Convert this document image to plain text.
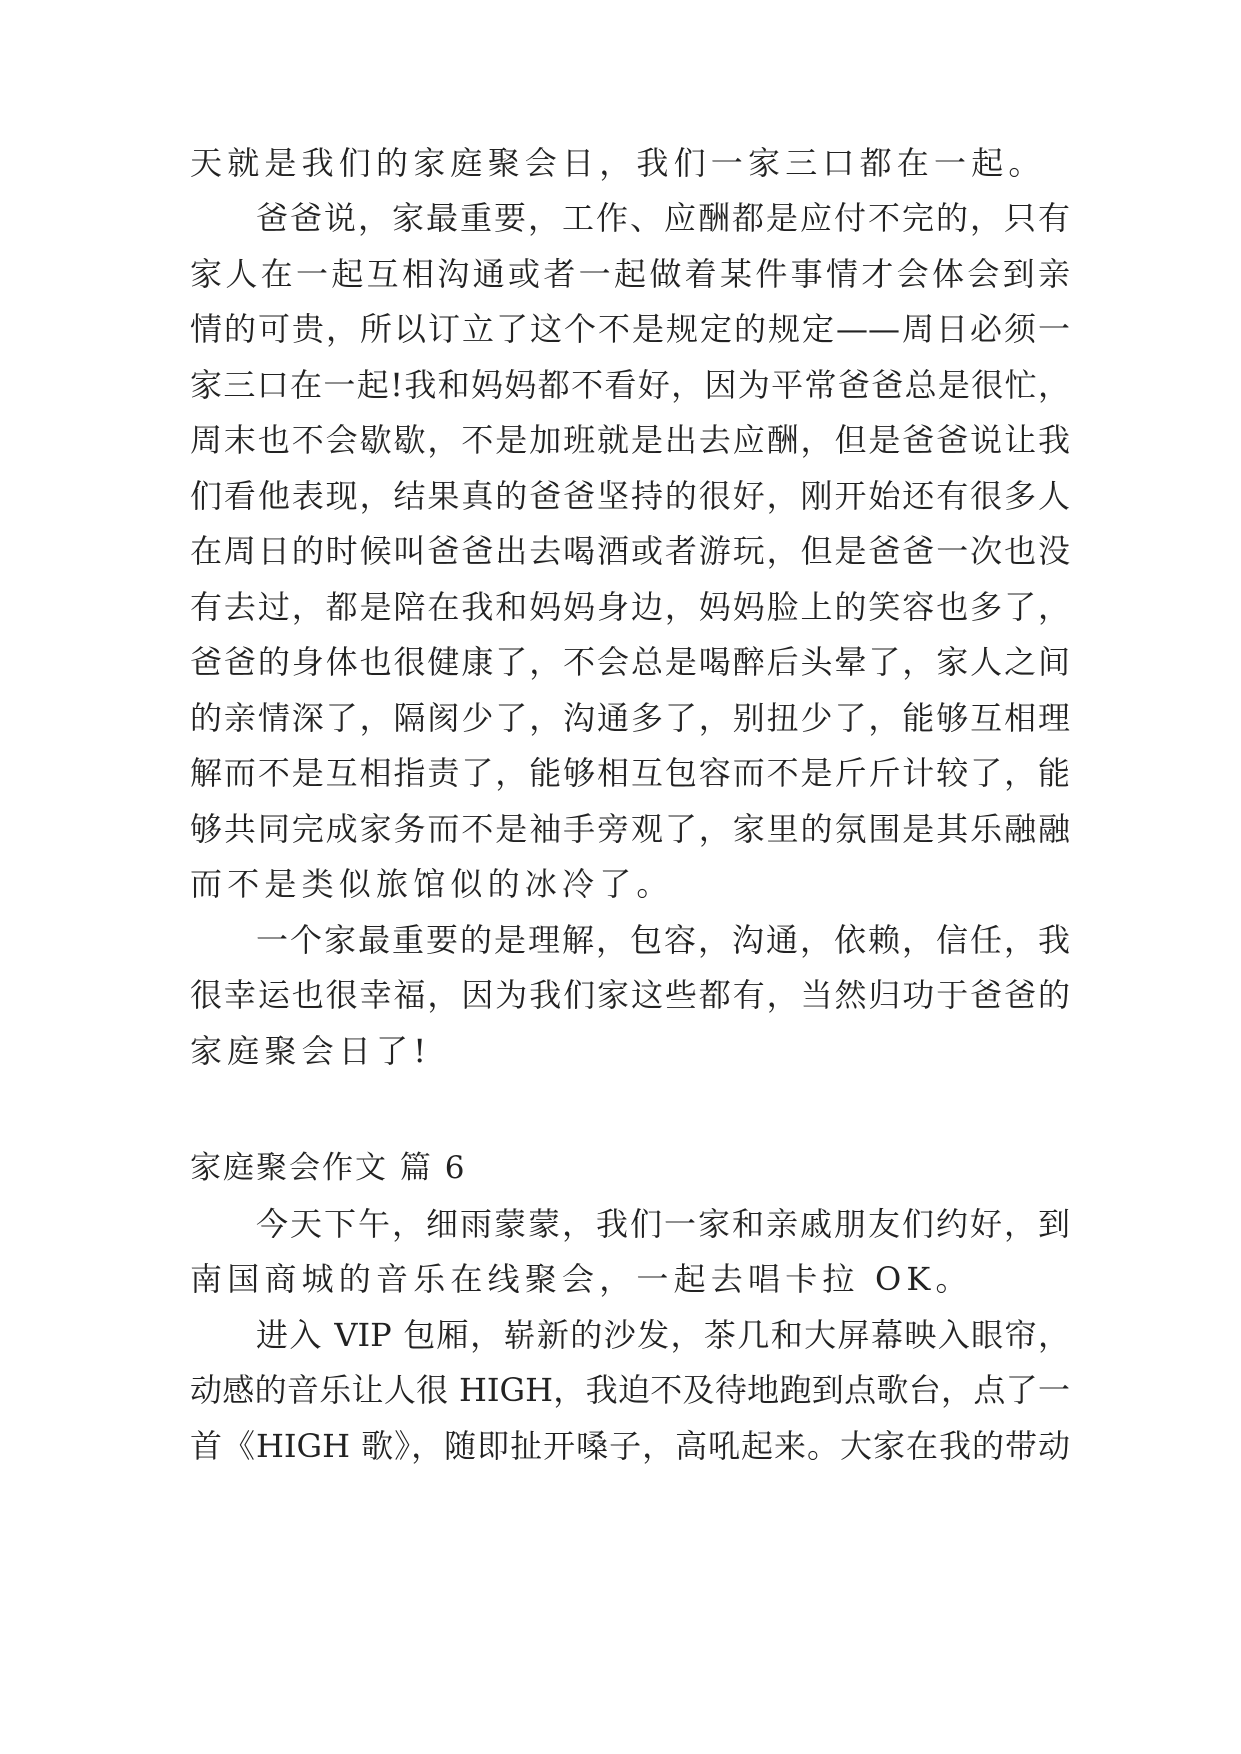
天就是我们的家庭聚会日，我们一家三口都在一起。
爸爸说，家最重要，工作、应酬都是应付不完的，只有
家人在一起互相沟通或者一起做着某件事情才会体会到亲
情的可贵，所以订立了这个不是规定的规定——周日必须一
家三口在一起!我和妈妈都不看好，因为平常爸爸总是很忙，
周末也不会歇歇，不是加班就是出去应酬，但是爸爸说让我
们看他表现，结果真的爸爸坚持的很好，刚开始还有很多人
在周日的时候叫爸爸出去喝酒或者游玩，但是爸爸一次也没
有去过，都是陪在我和妈妈身边，妈妈脸上的笑容也多了，
爸爸的身体也很健康了，不会总是喝醉后头晕了，家人之间
的亲情深了，隔阂少了，沟通多了，别扭少了，能够互相理
解而不是互相指责了，能够相互包容而不是斤斤计较了，能
够共同完成家务而不是袖手旁观了，家里的氛围是其乐融融
而不是类似旅馆似的冰冷了。
一个家最重要的是理解，包容，沟通，依赖，信任，我
很幸运也很幸福，因为我们家这些都有，当然归功于爸爸的
家庭聚会日了!
家庭聚会作文 篇 6
今天下午，细雨蒙蒙，我们一家和亲戚朋友们约好，到
南国商城的音乐在线聚会，一起去唱卡拉 OK。
进入 VIP 包厢，崭新的沙发，茶几和大屏幕映入眼帘，
动感的音乐让人很 HIGH，我迫不及待地跑到点歌台，点了一
首《HIGH 歌》，随即扯开嗓子，高吼起来。大家在我的带动
